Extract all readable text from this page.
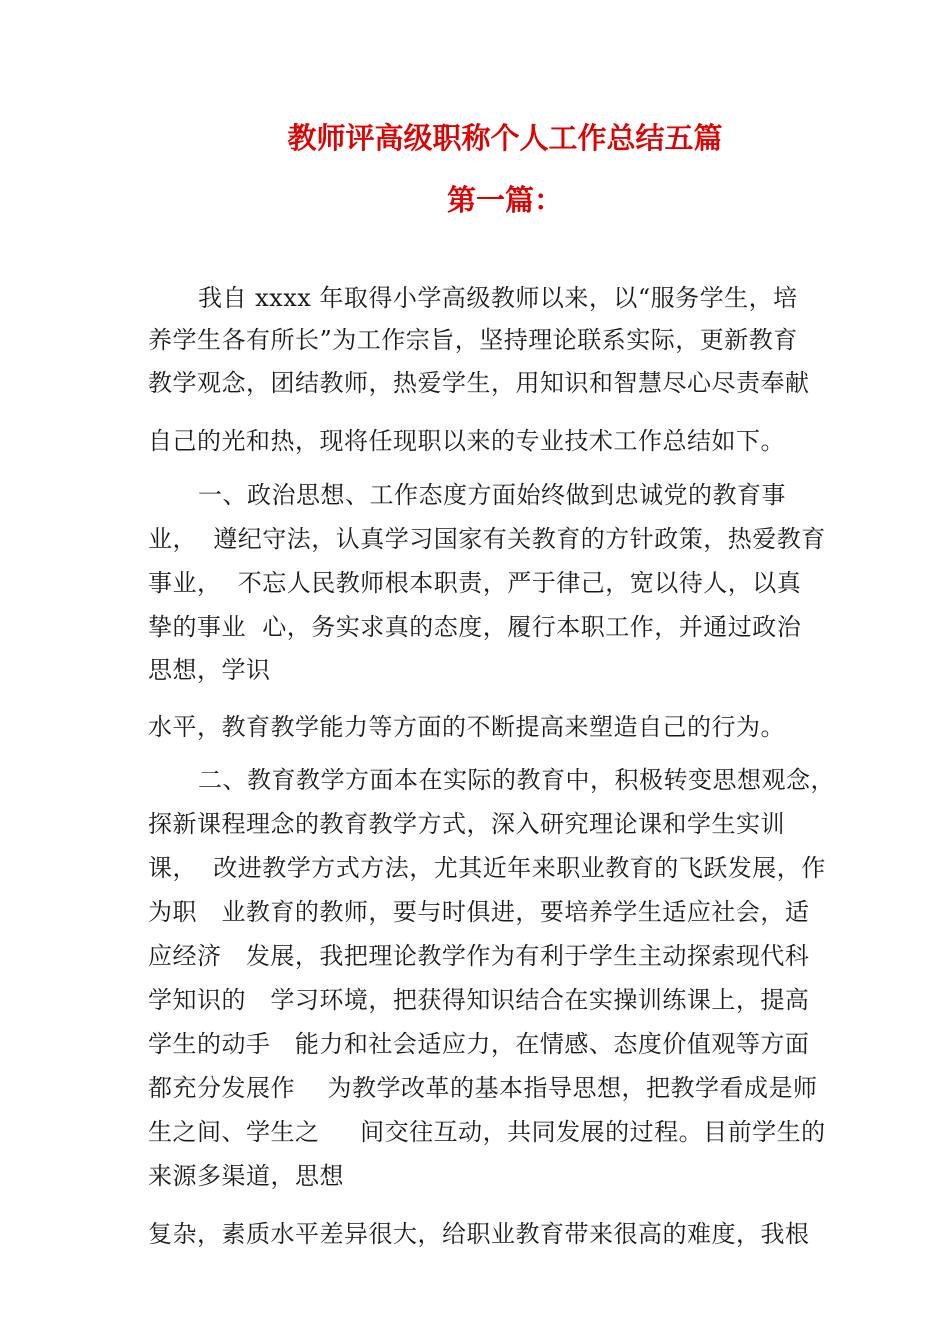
教师评高级职称个人工作总结五篇
第一篇：
我自 xxxx 年取得小学高级教师以来，以“服务学生，培
养学生各有所长”为工作宗旨，坚持理论联系实际，更新教育
教学观念，团结教师，热爱学生，用知识和智慧尽心尽责奉献
自己的光和热，现将任现职以来的专业技术工作总结如下。
一、政治思想、工作态度方面始终做到忠诚党的教育事
业，  遵纪守法，认真学习国家有关教育的方针政策，热爱教育
事业，  不忘人民教师根本职责，严于律己，宽以待人，以真
挚的事业  心，务实求真的态度，履行本职工作，并通过政治
思想，学识
水平，教育教学能力等方面的不断提高来塑造自己的行为。
二、教育教学方面本在实际的教育中，积极转变思想观念，
探新课程理念的教育教学方式，深入研究理论课和学生实训
课，  改进教学方式方法，尤其近年来职业教育的飞跃发展，作
为职   业教育的教师，要与时俱进，要培养学生适应社会，适
应经济   发展，我把理论教学作为有利于学生主动探索现代科
学知识的   学习环境，把获得知识结合在实操训练课上，提高
学生的动手   能力和社会适应力，在情感、态度价值观等方面
都充分发展作    为教学改革的基本指导思想，把教学看成是师
生之间、学生之     间交往互动，共同发展的过程。目前学生的
来源多渠道，思想
复杂，素质水平差异很大，给职业教育带来很高的难度，我根
